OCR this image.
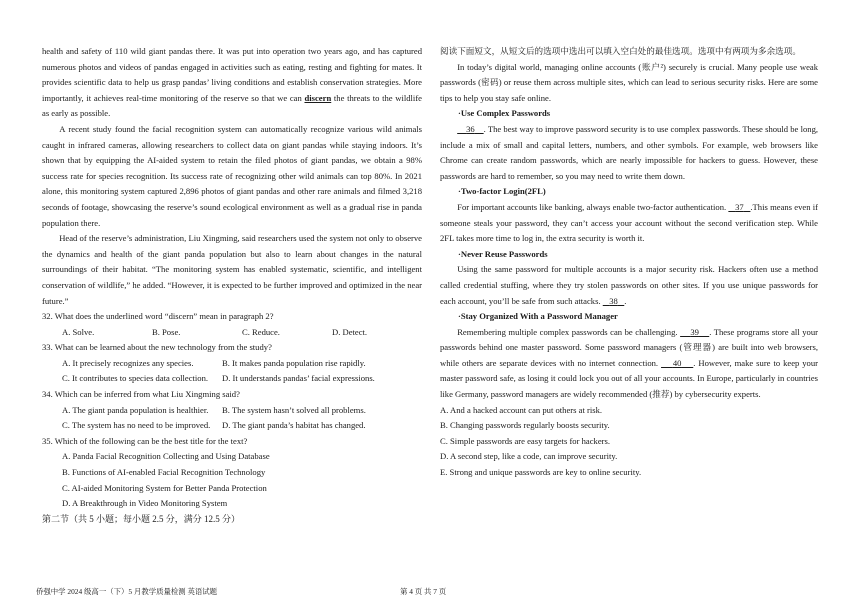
health and safety of 110 wild giant pandas there. It was put into operation two years ago, and has captured numerous photos and videos of pandas engaged in activities such as eating, resting and fighting for mates. It provides scientific data to help us grasp pandas’ living conditions and establish conservation strategies. More importantly, it achieves real-time monitoring of the reserve so that we can discern the threats to the wildlife as early as possible.

A recent study found the facial recognition system can automatically recognize various wild animals caught in infrared cameras, allowing researchers to collect data on giant pandas while staying indoors. It’s shown that by equipping the AI-aided system to retain the filed photos of giant pandas, we obtain a 98% success rate for species recognition. Its success rate of recognizing other wild animals can top 80%. In 2021 alone, this monitoring system captured 2,896 photos of giant pandas and other rare animals and filmed 3,218 seconds of footage, showcasing the reserve’s sound ecological environment as well as a gradual rise in panda population there.

Head of the reserve’s administration, Liu Xingming, said researchers used the system not only to observe the dynamics and health of the giant panda population but also to learn about changes in the natural surroundings of their habitat. “The monitoring system has enabled systematic, scientific, and intelligent conservation of wildlife,” he added. “However, it is expected to be further improved and optimized in the near future.”

32. What does the underlined word “discern” mean in paragraph 2?

A. Solve.	B. Pose.	C. Reduce.	D. Detect.

33. What can be learned about the new technology from the study?

A. It precisely recognizes any species.	B. It makes panda population rise rapidly.
C. It contributes to species data collection.	D. It understands pandas’ facial expressions.

34. Which can be inferred from what Liu Xingming said?

A. The giant panda population is healthier.	B. The system hasn’t solved all problems.
C. The system has no need to be improved.	D. The giant panda’s habitat has changed.

35. Which of the following can be the best title for the text?

A. Panda Facial Recognition Collecting and Using Database
B. Functions of AI-enabled Facial Recognition Technology
C. AI-aided Monitoring System for Better Panda Protection
D. A Breakthrough in Video Monitoring System

第二节（共 5 小题；每小题 2.5 分，满分 12.5 分）

阅读下面短文，从短文后的选项中选出可以填入空白处的最佳选项。选项中有两项为多余选项。

In today’s digital world, managing online accounts (账户²) securely is crucial. Many people use weak passwords (密码) or reuse them across multiple sites, which can lead to serious security risks. Here are some tips to help you stay safe online.

·Use Complex Passwords

36 . The best way to improve password security is to use complex passwords. These should be long, include a mix of small and capital letters, numbers, and other symbols. For example, web browsers like Chrome can create random passwords, which are nearly impossible for hackers to guess. However, these passwords are hard to remember, so you may need to write them down.

·Two-factor Login(2FL)

For important accounts like banking, always enable two-factor authentication.    37 .This means even if someone steals your password, they can’t access your account without the second verification step. While 2FL takes more time to log in, the extra security is worth it.

·Never Reuse Passwords

Using the same password for multiple accounts is a major security risk. Hackers often use a method called credential stuffing, where they try stolen passwords on other sites. If you use unique passwords for each account, you’ll be safe from such attacks.    38 .

·Stay Organized With a Password Manager

Remembering multiple complex passwords can be challenging.     39 . These programs store all your passwords behind one master password. Some password managers (管理器) are built into web browsers, while others are separate devices with no internet connection.     40 . However, make sure to keep your master password safe, as losing it could lock you out of all your accounts. In Europe, particularly in countries like Germany, password managers are widely recommended (推荐) by cybersecurity experts.

A. And a hacked account can put others at risk.

B. Changing passwords regularly boosts security.

C. Simple passwords are easy targets for hackers.

D. A second step, like a code, can improve security.

E. Strong and unique passwords are key to online security.

侨强中学 2024 级高一（下）5 月教学质量检测 英语试题	第 4 页 共 7 页
